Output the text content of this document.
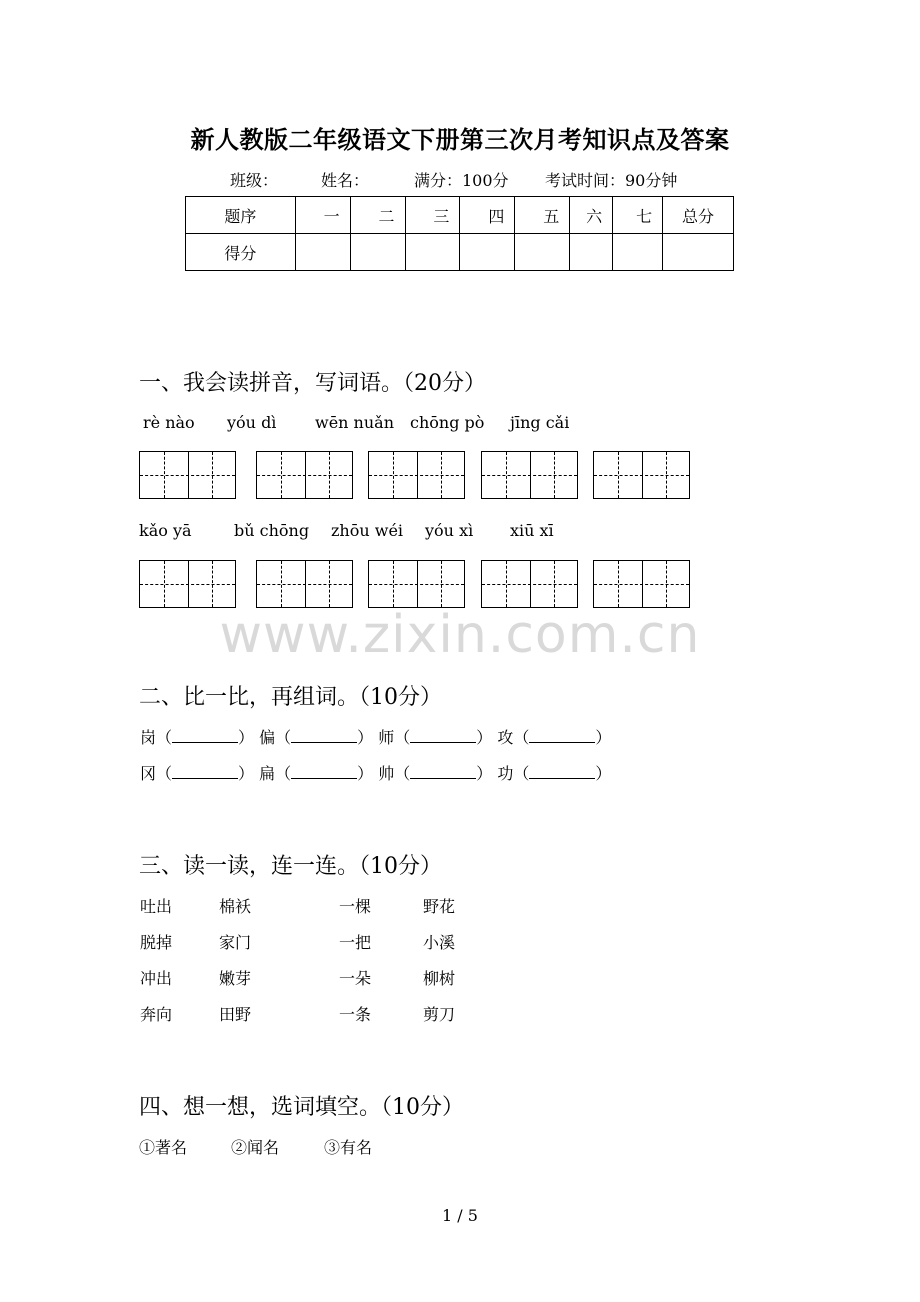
新人教版二年级语文下册第三次月考知识点及答案
班级：	姓名：	满分：100分 考试时间：90分钟
题序	一	二	三	四	五	六	七	总分
得分								
一、我会读拼音，写词语。（20分）
rè nào yóu dì wēn nuǎn chōng pò jīng cǎi
kǎo yā	bǔ chōng zhōu wéi yóu xì xiū xī
www.zixin.com.cn
二、比一比，再组词。（10分）
岗（	） 偏（	） 师（	） 攻（	）
冈（	） 扁（	） 帅（	） 功（	）
三、读一读，连一连。（10分）
吐出	棉袄	一棵	野花
脱掉	家门	一把	小溪
冲出	嫩芽	一朵	柳树
奔向	田野	一条	剪刀
四、想一想，选词填空。（10分）
①著名	②闻名	③有名
1 / 5
